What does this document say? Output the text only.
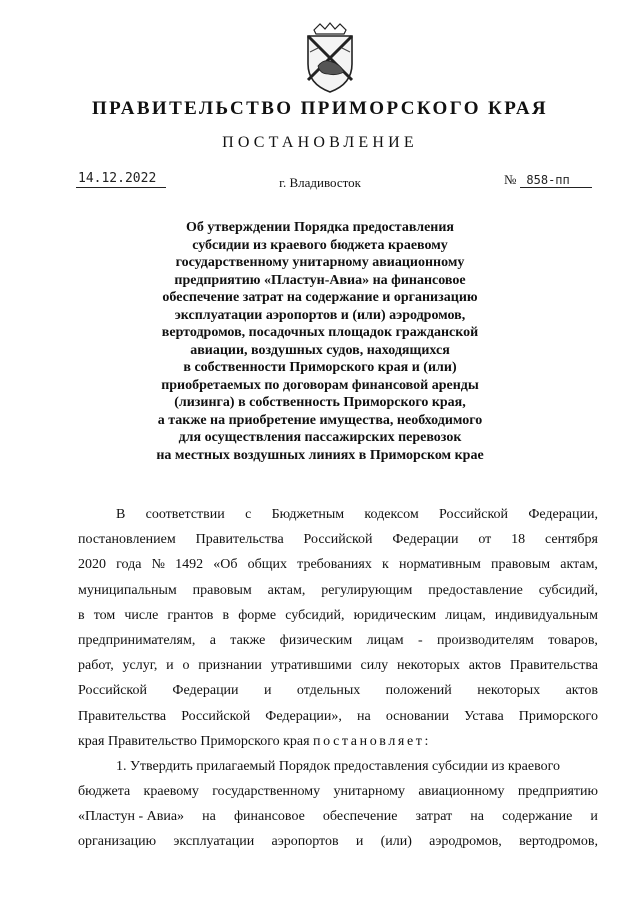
ПРАВИТЕЛЬСТВО ПРИМОРСКОГО КРАЯ
ПОСТАНОВЛЕНИЕ
14.12.2022	г. Владивосток	№ 858-пп
Об утверждении Порядка предоставления
субсидии из краевого бюджета краевому
государственному унитарному авиационному
предприятию «Пластун-Авиа» на финансовое
обеспечение затрат на содержание и организацию
эксплуатации аэропортов и (или) аэродромов,
вертодромов, посадочных площадок гражданской
авиации, воздушных судов, находящихся
в собственности Приморского края и (или)
приобретаемых по договорам финансовой аренды
(лизинга) в собственность Приморского края,
а также на приобретение имущества, необходимого
для осуществления пассажирских перевозок
на местных воздушных линиях в Приморском крае
В соответствии с Бюджетным кодексом Российской Федерации,
постановлением Правительства Российской Федерации от 18 сентября
2020 года № 1492 «Об общих требованиях к нормативным правовым актам,
муниципальным правовым актам, регулирующим предоставление субсидий,
в том числе грантов в форме субсидий, юридическим лицам, индивидуальным
предпринимателям, а также физическим лицам - производителям товаров,
работ, услуг, и о признании утратившими силу некоторых актов Правительства
Российской Федерации и отдельных положений некоторых актов
Правительства Российской Федерации», на основании Устава Приморского
края Правительство Приморского края постановляет:
1. Утвердить прилагаемый Порядок предоставления субсидии из краевого
бюджета краевому государственному унитарному авиационному предприятию
«Пластун - Авиа» на финансовое обеспечение затрат на содержание и
организацию эксплуатации аэропортов и (или) аэродромов, вертодромов,
